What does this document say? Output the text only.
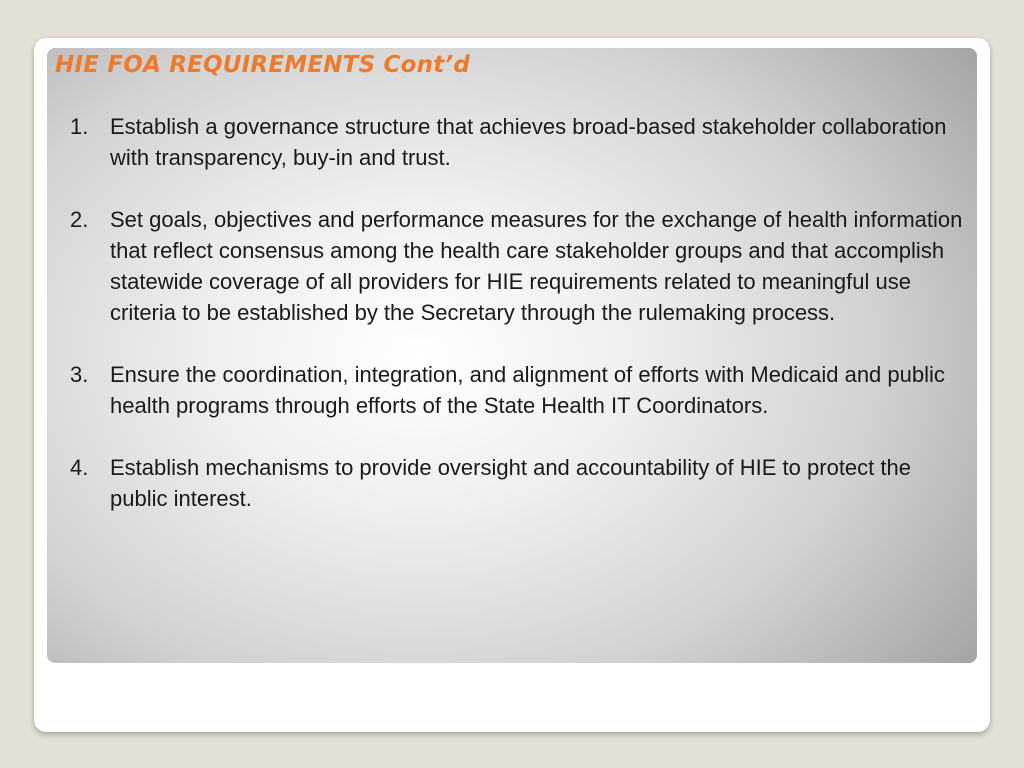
HIE FOA REQUIREMENTS Cont’d
1. Establish a governance structure that achieves broad-based stakeholder collaboration with transparency, buy-in and trust.
2. Set goals, objectives and performance measures for the exchange of health information that reflect consensus among the health care stakeholder groups and that accomplish statewide coverage of all providers for HIE requirements related to meaningful use criteria to be established by the Secretary through the rulemaking process.
3. Ensure the coordination, integration, and alignment of efforts with Medicaid and public health programs through efforts of the State Health IT Coordinators.
4. Establish mechanisms to provide oversight and accountability of HIE to protect the public interest.
